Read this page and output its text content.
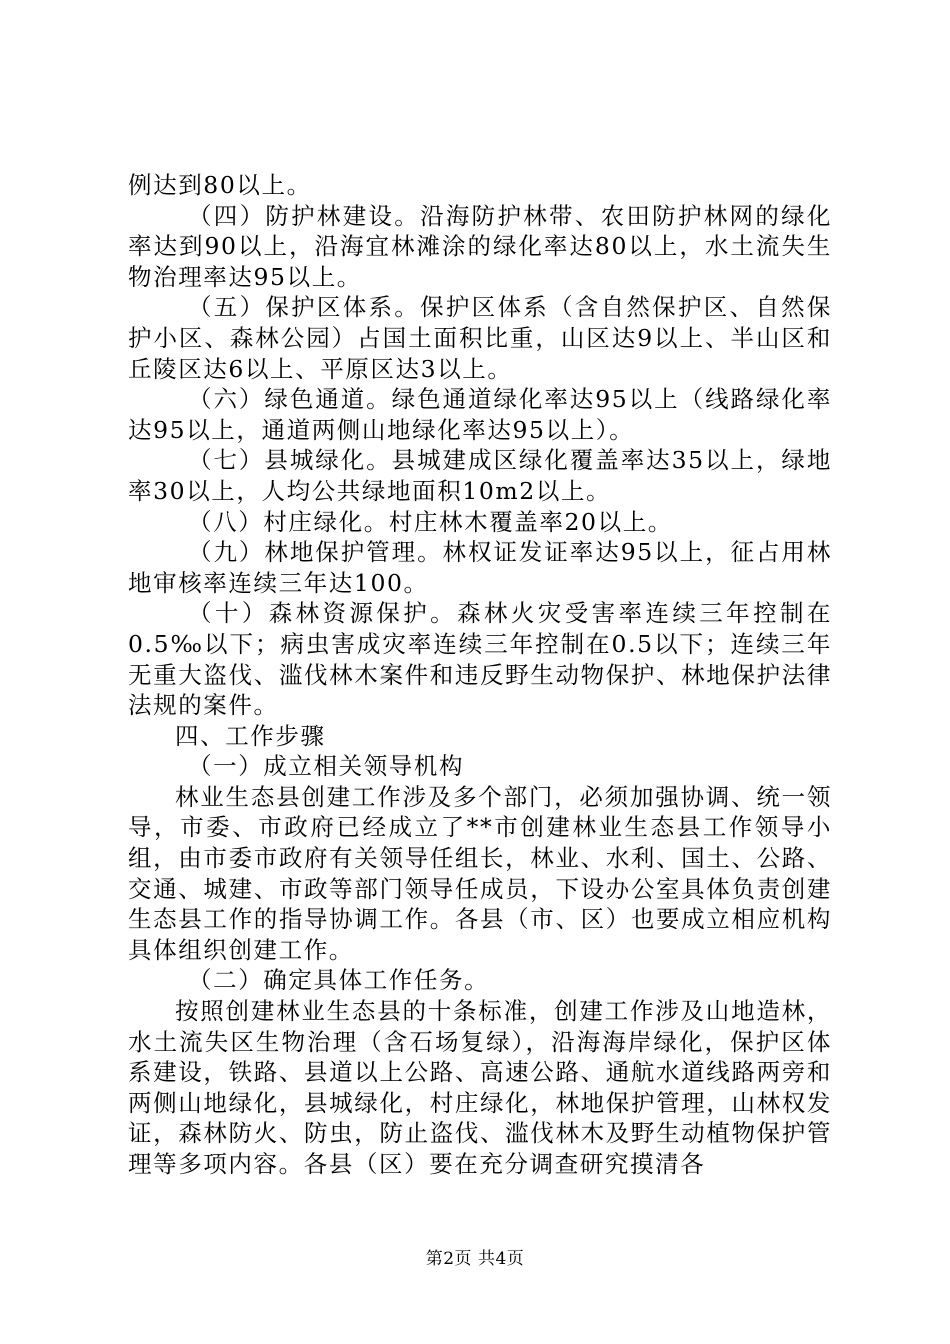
例达到80以上。

（四）防护林建设。沿海防护林带、农田防护林网的绿化率达到90以上，沿海宜林滩涂的绿化率达80以上，水土流失生物治理率达95以上。

（五）保护区体系。保护区体系（含自然保护区、自然保护小区、森林公园）占国土面积比重，山区达9以上、半山区和丘陵区达6以上、平原区达3以上。

（六）绿色通道。绿色通道绿化率达95以上（线路绿化率达95以上，通道两侧山地绿化率达95以上）。

（七）县城绿化。县城建成区绿化覆盖率达35以上，绿地率30以上，人均公共绿地面积10m2以上。

（八）村庄绿化。村庄林木覆盖率20以上。

（九）林地保护管理。林权证发证率达95以上，征占用林地审核率连续三年达100。

（十）森林资源保护。森林火灾受害率连续三年控制在0.5‰以下；病虫害成灾率连续三年控制在0.5以下；连续三年无重大盗伐、滥伐林木案件和违反野生动物保护、林地保护法律法规的案件。

四、工作步骤

（一）成立相关领导机构

林业生态县创建工作涉及多个部门，必须加强协调、统一领导，市委、市政府已经成立了**市创建林业生态县工作领导小组，由市委市政府有关领导任组长，林业、水利、国土、公路、交通、城建、市政等部门领导任成员，下设办公室具体负责创建生态县工作的指导协调工作。各县（市、区）也要成立相应机构具体组织创建工作。

（二）确定具体工作任务。

按照创建林业生态县的十条标准，创建工作涉及山地造林，水土流失区生物治理（含石场复绿），沿海海岸绿化，保护区体系建设，铁路、县道以上公路、高速公路、通航水道线路两旁和两侧山地绿化，县城绿化，村庄绿化，林地保护管理，山林权发证，森林防火、防虫，防止盗伐、滥伐林木及野生动植物保护管理等多项内容。各县（区）要在充分调查研究摸清各

第2页 共4页
